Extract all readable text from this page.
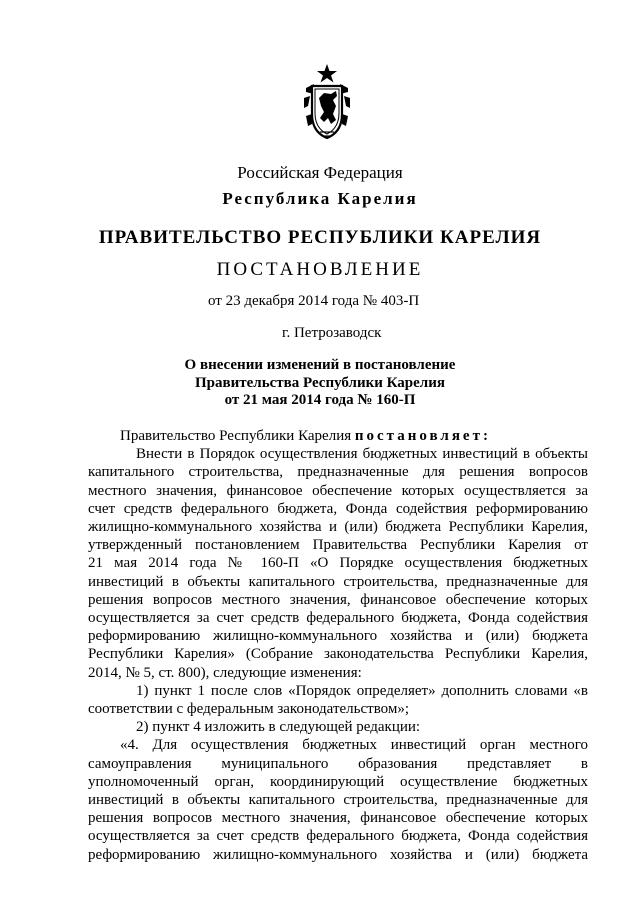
Российская Федерация
Республика Карелия
ПРАВИТЕЛЬСТВО РЕСПУБЛИКИ КАРЕЛИЯ
ПОСТАНОВЛЕНИЕ
от 23 декабря 2014 года № 403-П
г. Петрозаводск
О внесении изменений в постановление
Правительства Республики Карелия
от 21 мая 2014 года № 160-П

Правительство Республики Карелия постановляет:

Внести в Порядок осуществления бюджетных инвестиций в объекты

капитального строительства, предназначенные для решения вопросов

местного значения, финансовое обеспечение которых осуществляется за

счет средств федерального бюджета, Фонда содействия реформированию

жилищно-коммунального хозяйства и (или) бюджета Республики Карелия,

утвержденный постановлением Правительства Республики Карелия от

21 мая 2014 года № 160-П «О Порядке осуществления бюджетных

инвестиций в объекты капитального строительства, предназначенные для

решения вопросов местного значения, финансовое обеспечение которых

осуществляется за счет средств федерального бюджета, Фонда содействия

реформированию жилищно-коммунального хозяйства и (или) бюджета

Республики Карелия» (Собрание законодательства Республики Карелия,

2014, № 5, ст. 800), следующие изменения:

1) пункт 1 после слов «Порядок определяет» дополнить словами «в

соответствии с федеральным законодательством»;

2) пункт 4 изложить в следующей редакции:

«4. Для осуществления бюджетных инвестиций орган местного

самоуправления муниципального образования представляет в

уполномоченный орган, координирующий осуществление бюджетных

инвестиций в объекты капитального строительства, предназначенные для

решения вопросов местного значения, финансовое обеспечение которых

осуществляется за счет средств федерального бюджета, Фонда содействия

реформированию жилищно-коммунального хозяйства и (или) бюджета
